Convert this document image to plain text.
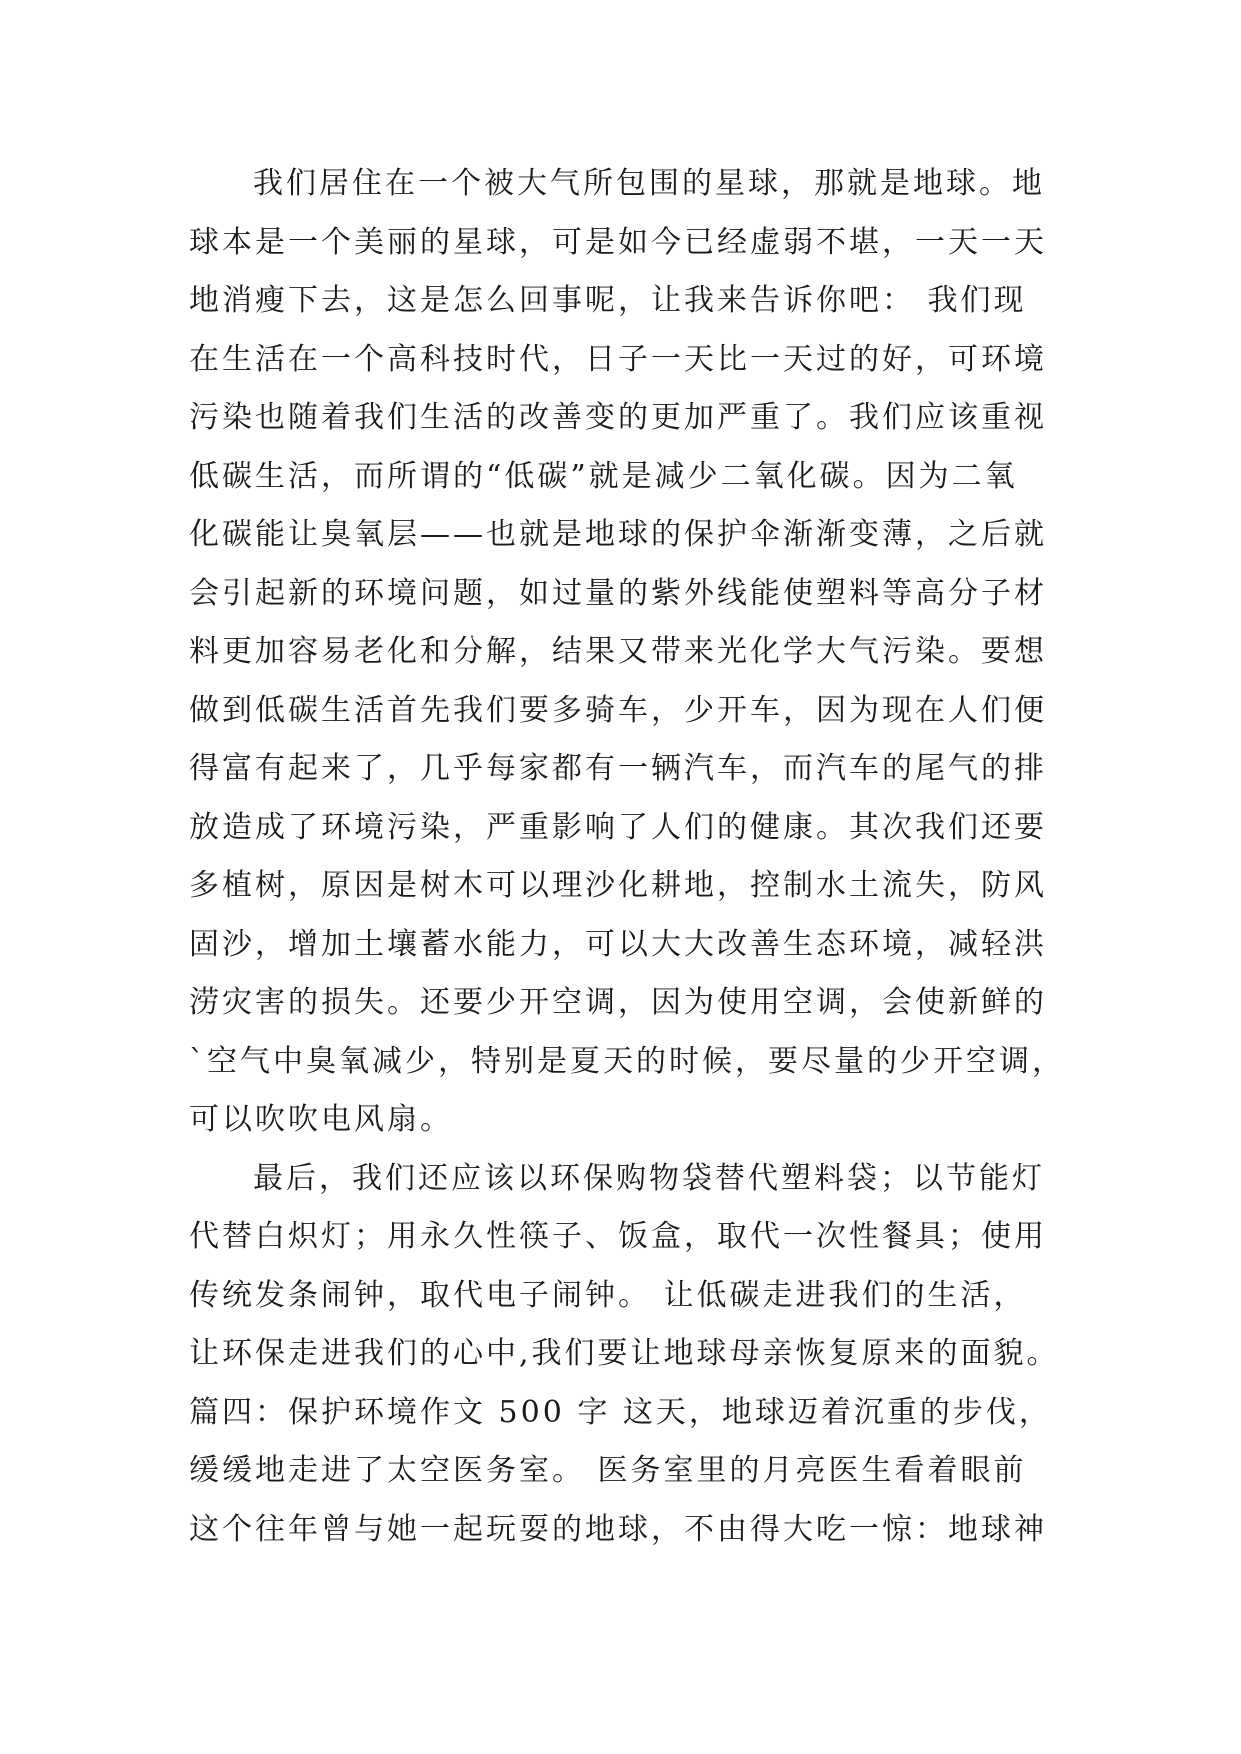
我们居住在一个被大气所包围的星球，那就是地球。地
球本是一个美丽的星球，可是如今已经虚弱不堪，一天一天
地消瘦下去，这是怎么回事呢，让我来告诉你吧： 我们现
在生活在一个高科技时代，日子一天比一天过的好，可环境
污染也随着我们生活的改善变的更加严重了。我们应该重视
低碳生活，而所谓的“低碳”就是减少二氧化碳。因为二氧
化碳能让臭氧层——也就是地球的保护伞渐渐变薄，之后就
会引起新的环境问题，如过量的紫外线能使塑料等高分子材
料更加容易老化和分解，结果又带来光化学大气污染。要想
做到低碳生活首先我们要多骑车，少开车，因为现在人们便
得富有起来了，几乎每家都有一辆汽车，而汽车的尾气的排
放造成了环境污染，严重影响了人们的健康。其次我们还要
多植树，原因是树木可以理沙化耕地，控制水土流失，防风
固沙，增加土壤蓄水能力，可以大大改善生态环境，减轻洪
涝灾害的损失。还要少开空调，因为使用空调，会使新鲜的
`空气中臭氧减少，特别是夏天的时候，要尽量的少开空调，
可以吹吹电风扇。
最后，我们还应该以环保购物袋替代塑料袋；以节能灯
代替白炽灯；用永久性筷子、饭盒，取代一次性餐具；使用
传统发条闹钟，取代电子闹钟。 让低碳走进我们的生活，
让环保走进我们的心中,我们要让地球母亲恢复原来的面貌。
篇四：保护环境作文 500 字 这天，地球迈着沉重的步伐，
缓缓地走进了太空医务室。 医务室里的月亮医生看着眼前
这个往年曾与她一起玩耍的地球，不由得大吃一惊：地球神
